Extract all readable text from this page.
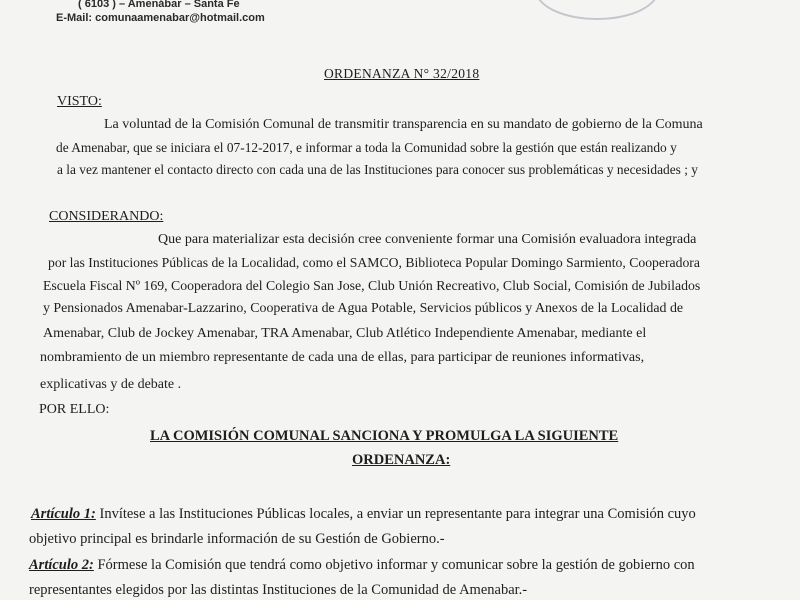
( 6103 ) – Amenábar – Santa Fe
E-Mail: comunaamenabar@hotmail.com
ORDENANZA N° 32/2018
VISTO:
La voluntad de la Comisión Comunal de transmitir transparencia en su mandato de gobierno de la Comuna
de Amenabar, que se iniciara el 07-12-2017, e informar a toda la Comunidad sobre la gestión que están realizando y
a la vez mantener el contacto directo con cada una de las Instituciones para conocer sus problemáticas y necesidades ; y
CONSIDERANDO:
Que para materializar esta decisión cree conveniente formar una Comisión evaluadora integrada
por las Instituciones Públicas de la Localidad, como el SAMCO, Biblioteca Popular Domingo Sarmiento, Cooperadora
Escuela Fiscal Nº 169, Cooperadora del Colegio San Jose, Club Unión Recreativo, Club Social, Comisión de Jubilados
y Pensionados Amenabar-Lazzarino, Cooperativa de Agua Potable, Servicios públicos y Anexos de la Localidad de
Amenabar, Club de Jockey Amenabar, TRA Amenabar, Club Atlético Independiente Amenabar, mediante el
nombramiento de un miembro representante de cada una de ellas, para participar de reuniones informativas,
explicativas y de debate .
POR ELLO:
LA COMISIÓN COMUNAL SANCIONA Y PROMULGA LA SIGUIENTE
ORDENANZA:
Artículo 1: Invítese a las Instituciones Públicas locales, a enviar un representante para integrar una Comisión cuyo
objetivo principal es brindarle información de su Gestión de Gobierno.-
Artículo 2: Fórmese la Comisión que tendrá como objetivo informar y comunicar sobre la gestión de gobierno con
representantes elegidos por las distintas Instituciones de la Comunidad de Amenabar.-
